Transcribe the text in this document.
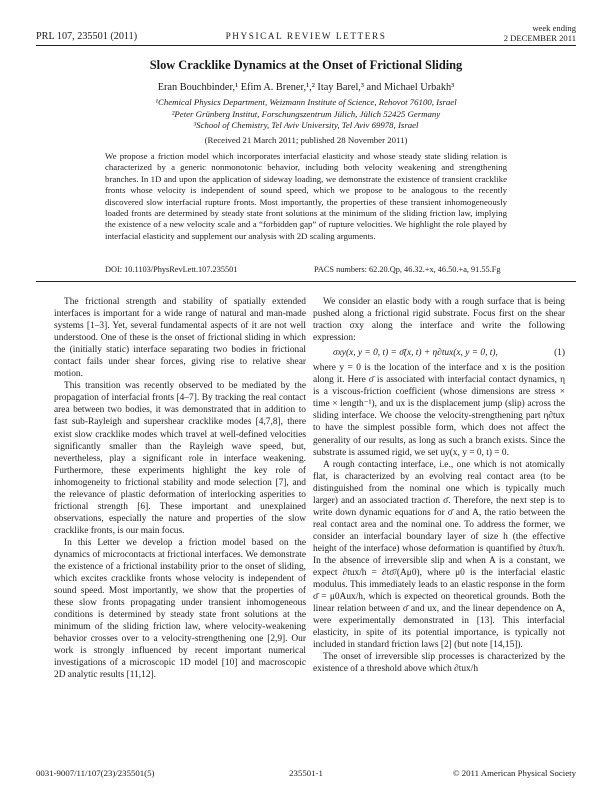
PRL 107, 235501 (2011)	PHYSICAL REVIEW LETTERS
week ending
2 DECEMBER 2011
Slow Cracklike Dynamics at the Onset of Frictional Sliding
Eran Bouchbinder,¹ Efim A. Brener,¹,² Itay Barel,³ and Michael Urbakh³
¹Chemical Physics Department, Weizmann Institute of Science, Rehovot 76100, Israel
²Peter Grünberg Institut, Forschungszentrum Jülich, Jülich 52425 Germany
³School of Chemistry, Tel Aviv University, Tel Aviv 69978, Israel
(Received 21 March 2011; published 28 November 2011)
We propose a friction model which incorporates interfacial elasticity and whose steady state sliding relation is characterized by a generic nonmonotonic behavior, including both velocity weakening and strengthening branches. In 1D and upon the application of sideway loading, we demonstrate the existence of transient cracklike fronts whose velocity is independent of sound speed, which we propose to be analogous to the recently discovered slow interfacial rupture fronts. Most importantly, the properties of these transient inhomogeneously loaded fronts are determined by steady state front solutions at the minimum of the sliding friction law, implying the existence of a new velocity scale and a “forbidden gap” of rupture velocities. We highlight the role played by interfacial elasticity and supplement our analysis with 2D scaling arguments.
DOI: 10.1103/PhysRevLett.107.235501	PACS numbers: 62.20.Qp, 46.32.+x, 46.50.+a, 91.55.Fg

The frictional strength and stability of spatially extended interfaces is important for a wide range of natural and man-made systems [1–3]. Yet, several fundamental aspects of it are not well understood. One of these is the onset of frictional sliding in which the (initially static) interface separating two bodies in frictional contact fails under shear forces, giving rise to relative shear motion.

This transition was recently observed to be mediated by the propagation of interfacial fronts [4–7]. By tracking the real contact area between two bodies, it was demonstrated that in addition to fast sub-Rayleigh and supershear cracklike modes [4,7,8], there exist slow cracklike modes which travel at well-defined velocities significantly smaller than the Rayleigh wave speed, but, nevertheless, play a significant role in interface weakening. Furthermore, these experiments highlight the key role of inhomogeneity to frictional stability and mode selection [7], and the relevance of plastic deformation of interlocking asperities to frictional strength [6]. These important and unexplained observations, especially the nature and properties of the slow cracklike fronts, is our main focus.

In this Letter we develop a friction model based on the dynamics of microcontacts at frictional interfaces. We demonstrate the existence of a frictional instability prior to the onset of sliding, which excites cracklike fronts whose velocity is independent of sound speed. Most importantly, we show that the properties of these slow fronts propagating under transient inhomogeneous conditions is determined by steady state front solutions at the minimum of the sliding friction law, where velocity-weakening behavior crosses over to a velocity-strengthening one [2,9]. Our work is strongly influenced by recent important numerical investigations of a microscopic 1D model [10] and macroscopic 2D analytic results [11,12].

We consider an elastic body with a rough surface that is being pushed along a frictional rigid substrate. Focus first on the shear traction σxy along the interface and write the following expression:

σxy(x, y = 0, t) = σ̄(x, t) + η∂tux(x, y = 0, t),	(1)

where y = 0 is the location of the interface and x is the position along it. Here σ̄ is associated with interfacial contact dynamics, η is a viscous-friction coefficient (whose dimensions are stress × time × length⁻¹), and ux is the displacement jump (slip) across the sliding interface. We choose the velocity-strengthening part η∂tux to have the simplest possible form, which does not affect the generality of our results, as long as such a branch exists. Since the substrate is assumed rigid, we set uy(x, y = 0, t) = 0.

A rough contacting interface, i.e., one which is not atomically flat, is characterized by an evolving real contact area (to be distinguished from the nominal one which is typically much larger) and an associated traction σ̄. Therefore, the next step is to write down dynamic equations for σ̄ and A, the ratio between the real contact area and the nominal one. To address the former, we consider an interfacial boundary layer of size h (the effective height of the interface) whose deformation is quantified by ∂tux/h. In the absence of irreversible slip and when A is a constant, we expect ∂tux/h = ∂tσ̄/(Aμ0), where μ0 is the interfacial elastic modulus. This immediately leads to an elastic response in the form σ̄ = μ0Aux/h, which is expected on theoretical grounds. Both the linear relation between σ̄ and ux, and the linear dependence on A, were experimentally demonstrated in [13]. This interfacial elasticity, in spite of its potential importance, is typically not included in standard friction laws [2] (but note [14,15]).

The onset of irreversible slip processes is characterized by the existence of a threshold above which ∂tux/h

0031-9007/11/107(23)/235501(5)	235501-1	© 2011 American Physical Society
